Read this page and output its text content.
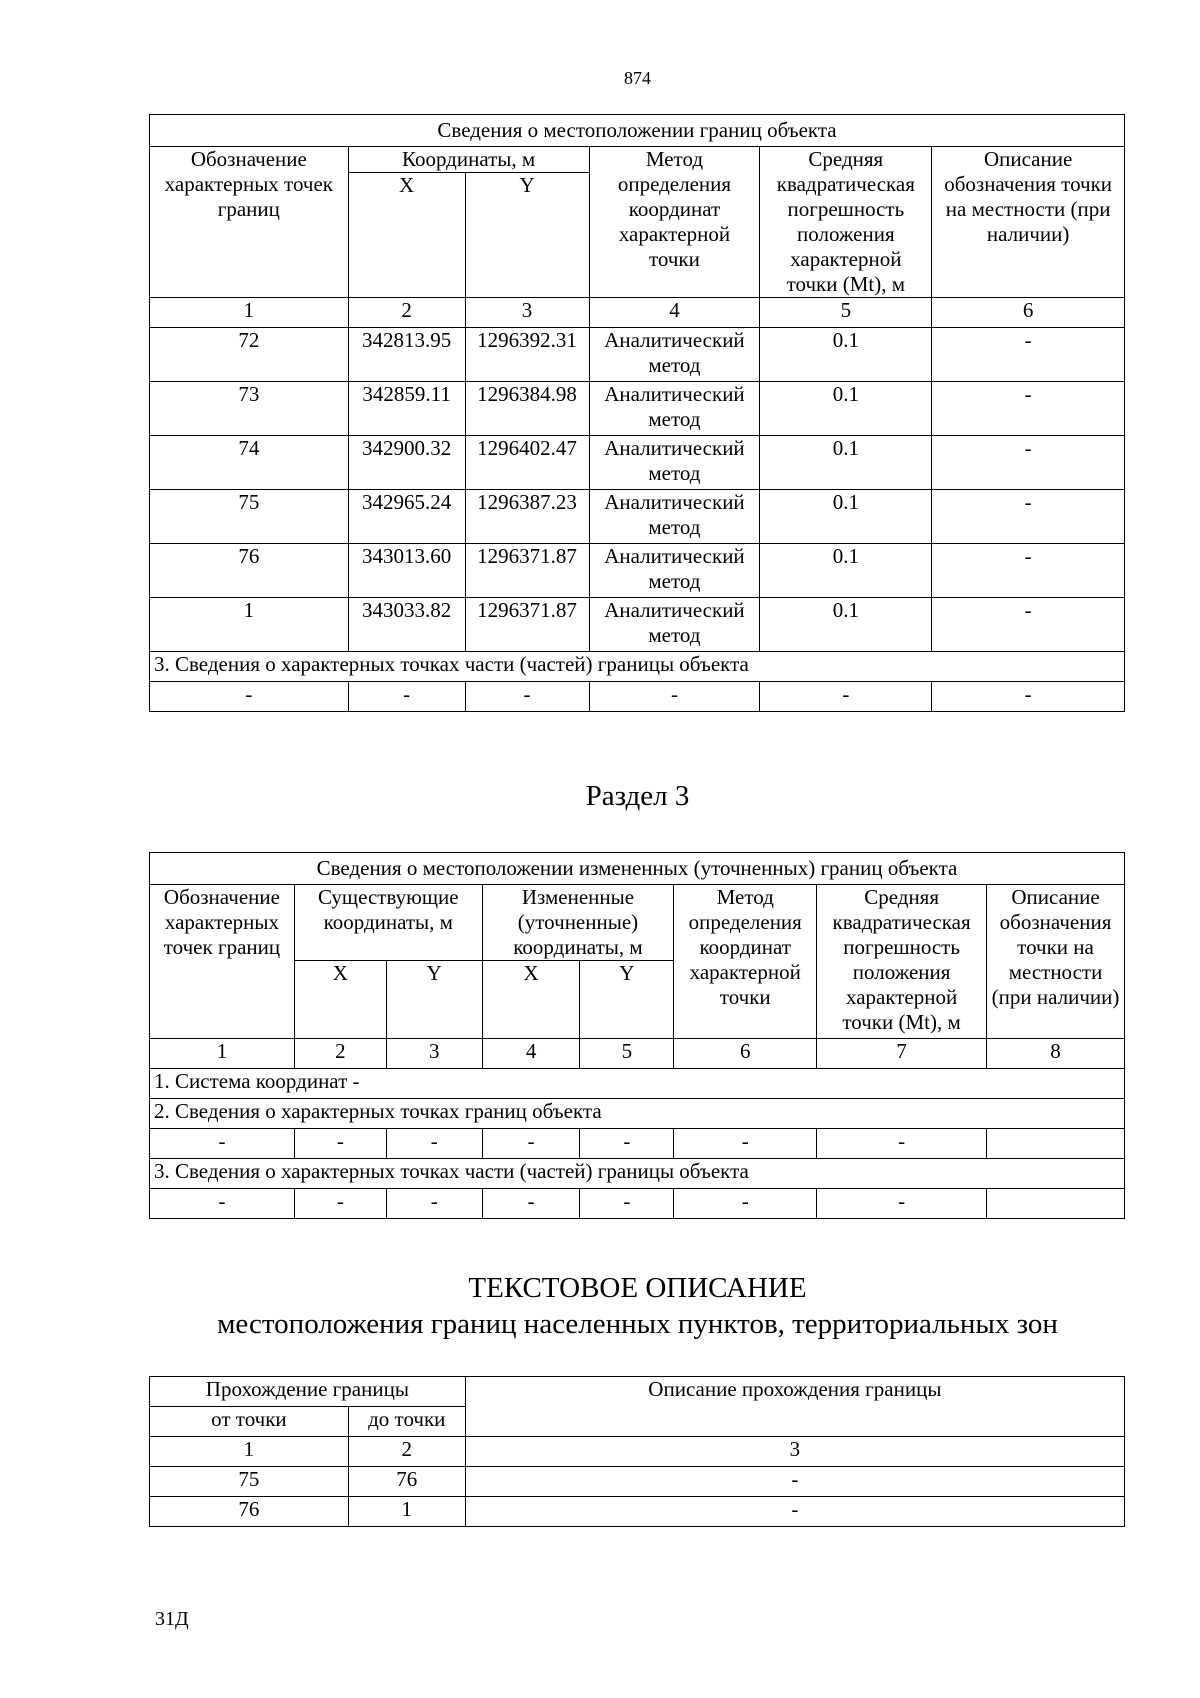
874
Сведения о местоположении границ объекта					
Обозначение характерных точек границ	Координаты, м		Метод определения координат характерной точки	Средняя квадратическая погрешность положения характерной точки (Mt), м	Описание обозначения точки на местности (при наличии)
	X	Y			
1	2	3	4	5	6
72	342813.95	1296392.31	Аналитический метод	0.1	-
73	342859.11	1296384.98	Аналитический метод	0.1	-
74	342900.32	1296402.47	Аналитический метод	0.1	-
75	342965.24	1296387.23	Аналитический метод	0.1	-
76	343013.60	1296371.87	Аналитический метод	0.1	-
1	343033.82	1296371.87	Аналитический метод	0.1	-
3. Сведения о характерных точках части (частей) границы объекта					
-	-	-	-	-	-
Раздел 3
Сведения о местоположении измененных (уточненных) границ объекта							
Обозначение характерных точек границ	Существующие координаты, м		Измененные (уточненные) координаты, м		Метод определения координат характерной точки	Средняя квадратическая погрешность положения характерной точки (Mt), м	Описание обозначения точки на местности (при наличии)
	X	Y	X	Y			
1	2	3	4	5	6	7	8
1. Система координат -							
2. Сведения о характерных точках границ объекта							
-	-	-	-	-	-	-	
3. Сведения о характерных точках части (частей) границы объекта							
-	-	-	-	-	-	-	
ТЕКСТОВОЕ ОПИСАНИЕ
местоположения границ населенных пунктов, территориальных зон
Прохождение границы		Описание прохождения границы
от точки	до точки	
1	2	3
75	76	-
76	1	-
31Д
